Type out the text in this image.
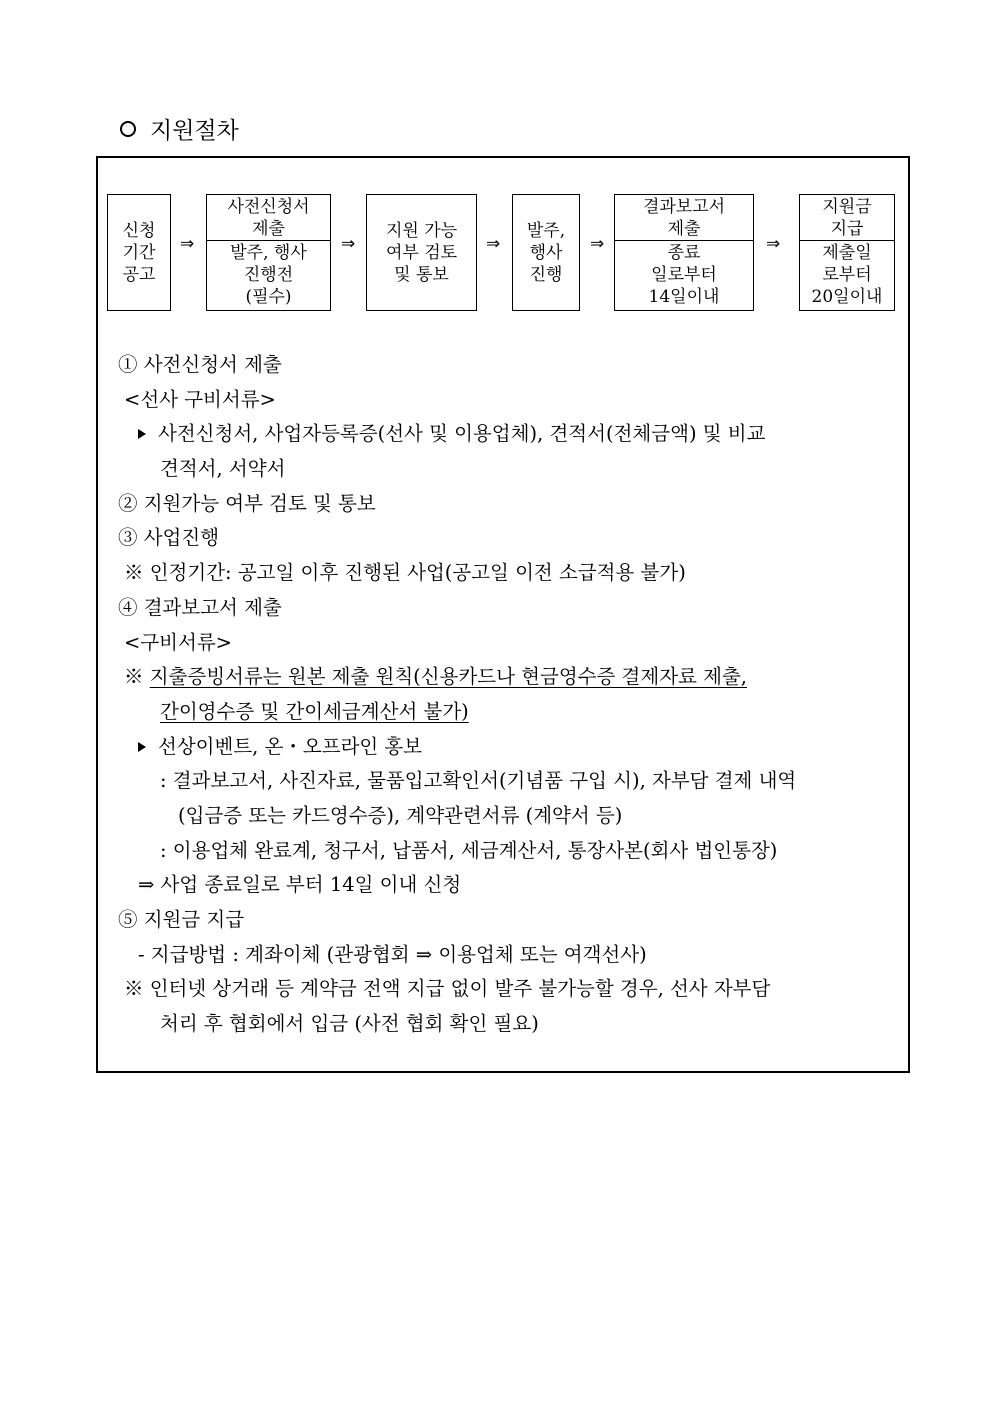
지원절차
신청
기간
공고
⇒
사전신청서
제출
발주, 행사
진행전
(필수)
⇒
지원 가능
여부 검토
및 통보
⇒
발주,
행사
진행
⇒
결과보고서
제출
종료
일로부터
14일이내
⇒
지원금
지급
제출일
로부터
20일이내
① 사전신청서 제출
<선사 구비서류>
사전신청서, 사업자등록증(선사 및 이용업체), 견적서(전체금액) 및 비교
견적서, 서약서
② 지원가능 여부 검토 및 통보
③ 사업진행
※ 인정기간: 공고일 이후 진행된 사업(공고일 이전 소급적용 불가)
④ 결과보고서 제출
<구비서류>
※ 지출증빙서류는 원본 제출 원칙(신용카드나 현금영수증 결제자료 제출,
간이영수증 및 간이세금계산서 불가)
선상이벤트, 온・오프라인 홍보
: 결과보고서, 사진자료, 물품입고확인서(기념품 구입 시), 자부담 결제 내역
(입금증 또는 카드영수증), 계약관련서류 (계약서 등)
: 이용업체 완료계, 청구서, 납품서, 세금계산서, 통장사본(회사 법인통장)
⇒ 사업 종료일로 부터 14일 이내 신청
⑤ 지원금 지급
- 지급방법 : 계좌이체 (관광협회 ⇒ 이용업체 또는 여객선사)
※ 인터넷 상거래 등 계약금 전액 지급 없이 발주 불가능할 경우, 선사 자부담
처리 후 협회에서 입금 (사전 협회 확인 필요)
